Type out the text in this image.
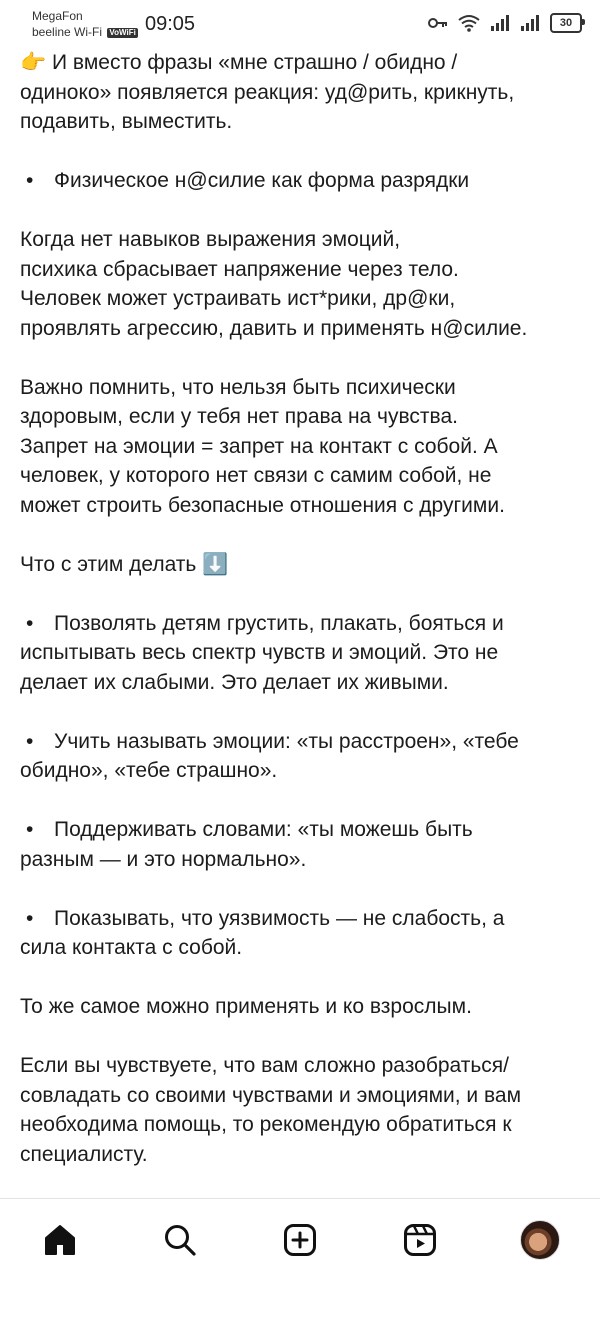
MegaFon
beeline Wi-Fi VoWiFi 09:05	30

👉 И вместо фразы «мне страшно / обидно /
одиноко» появляется реакция: уд@рить, крикнуть,
подавить, выместить.

• Физическое н@силие как форма разрядки

Когда нет навыков выражения эмоций,
психика сбрасывает напряжение через тело.
Человек может устраивать ист*рики, др@ки,
проявлять агрессию, давить и применять н@силие.

Важно помнить, что нельзя быть психически
здоровым, если у тебя нет права на чувства.
Запрет на эмоции = запрет на контакт с собой. А
человек, у которого нет связи с самим собой, не
может строить безопасные отношения с другими.

Что с этим делать ⬇️

• Позволять детям грустить, плакать, бояться и
испытывать весь спектр чувств и эмоций. Это не
делает их слабыми. Это делает их живыми.

• Учить называть эмоции: «ты расстроен», «тебе
обидно», «тебе страшно».

• Поддерживать словами: «ты можешь быть
разным — и это нормально».

• Показывать, что уязвимость — не слабость, а
сила контакта с собой.

То же самое можно применять и ко взрослым.

Если вы чувствуете, что вам сложно разобраться/
совладать со своими чувствами и эмоциями, и вам
необходима помощь, то рекомендую обратиться к
специалисту.
